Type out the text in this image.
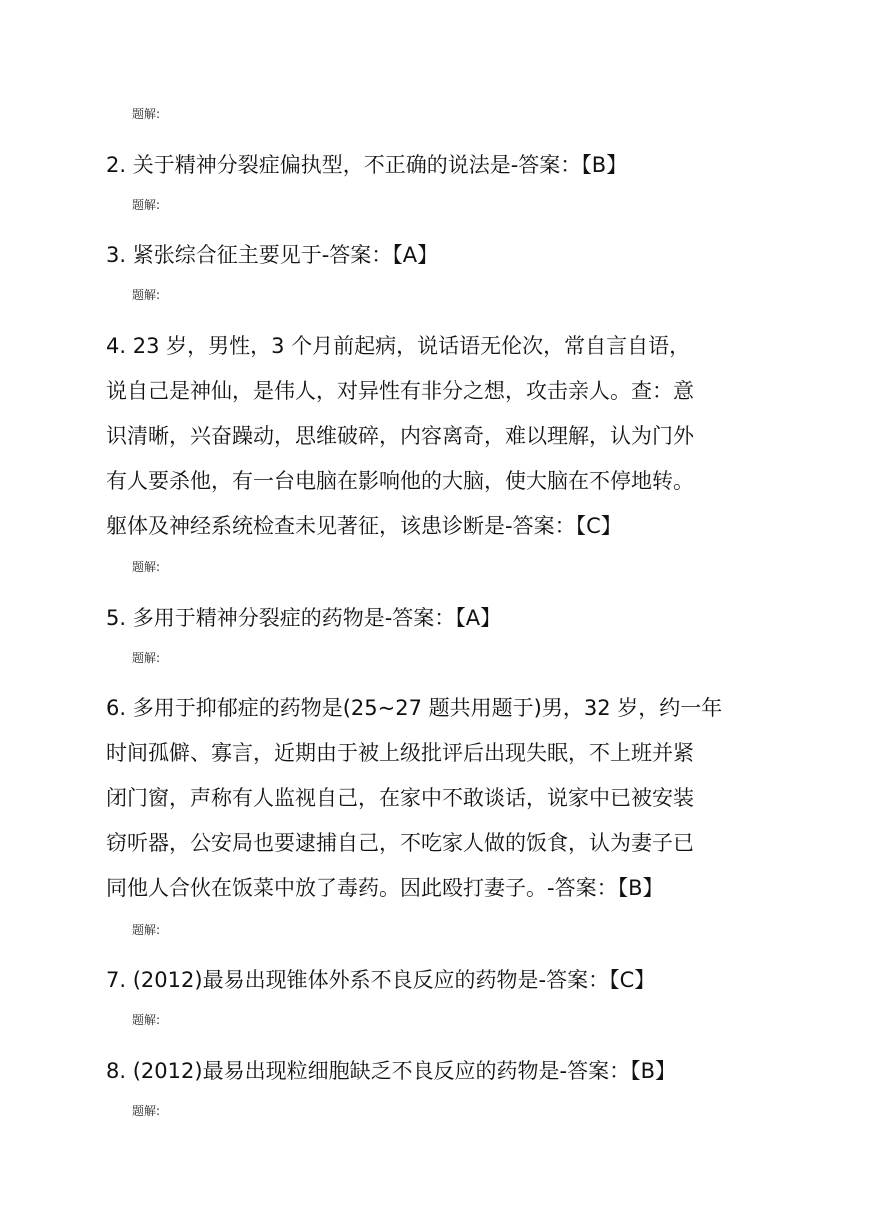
题解:
2. 关于精神分裂症偏执型，不正确的说法是-答案：【B】
题解:
3. 紧张综合征主要见于-答案：【A】
题解:
4. 23 岁，男性，3 个月前起病，说话语无伦次，常自言自语，
说自己是神仙，是伟人，对异性有非分之想，攻击亲人。查：意
识清晰，兴奋躁动，思维破碎，内容离奇，难以理解，认为门外
有人要杀他，有一台电脑在影响他的大脑，使大脑在不停地转。
躯体及神经系统检查未见著征，该患诊断是-答案：【C】
题解:
5. 多用于精神分裂症的药物是-答案：【A】
题解:
6. 多用于抑郁症的药物是(25~27 题共用题于)男，32 岁，约一年
时间孤僻、寡言，近期由于被上级批评后出现失眠，不上班并紧
闭门窗，声称有人监视自己，在家中不敢谈话，说家中已被安装
窃听器，公安局也要逮捕自己，不吃家人做的饭食，认为妻子已
同他人合伙在饭菜中放了毒药。因此殴打妻子。-答案：【B】
题解:
7. (2012)最易出现锥体外系不良反应的药物是-答案：【C】
题解:
8. (2012)最易出现粒细胞缺乏不良反应的药物是-答案：【B】
题解:
